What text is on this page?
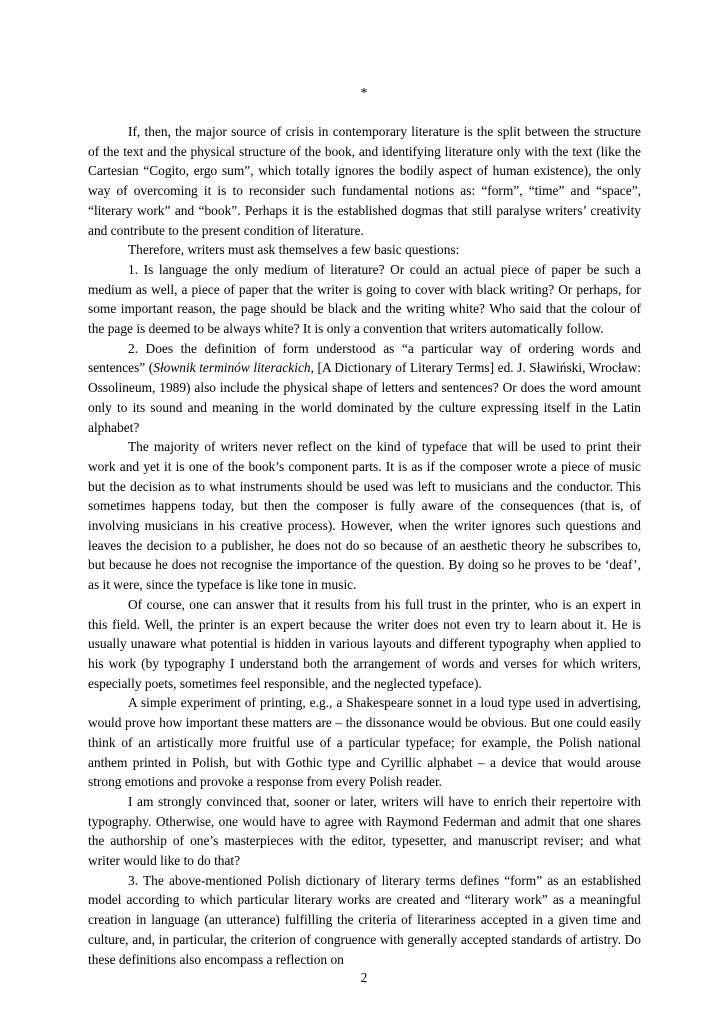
*

If, then, the major source of crisis in contemporary literature is the split between the structure of the text and the physical structure of the book, and identifying literature only with the text (like the Cartesian “Cogito, ergo sum”, which totally ignores the bodily aspect of human existence), the only way of overcoming it is to reconsider such fundamental notions as: “form”, “time” and “space”, “literary work” and “book”. Perhaps it is the established dogmas that still paralyse writers’ creativity and contribute to the present condition of literature.

Therefore, writers must ask themselves a few basic questions:

1. Is language the only medium of literature? Or could an actual piece of paper be such a medium as well, a piece of paper that the writer is going to cover with black writing? Or perhaps, for some important reason, the page should be black and the writing white? Who said that the colour of the page is deemed to be always white? It is only a convention that writers automatically follow.

2. Does the definition of form understood as “a particular way of ordering words and sentences” (Słownik terminów literackich, [A Dictionary of Literary Terms] ed. J. Sławiński, Wrocław: Ossolineum, 1989) also include the physical shape of letters and sentences? Or does the word amount only to its sound and meaning in the world dominated by the culture expressing itself in the Latin alphabet?

The majority of writers never reflect on the kind of typeface that will be used to print their work and yet it is one of the book’s component parts. It is as if the composer wrote a piece of music but the decision as to what instruments should be used was left to musicians and the conductor. This sometimes happens today, but then the composer is fully aware of the consequences (that is, of involving musicians in his creative process). However, when the writer ignores such questions and leaves the decision to a publisher, he does not do so because of an aesthetic theory he subscribes to, but because he does not recognise the importance of the question. By doing so he proves to be ‘deaf’, as it were, since the typeface is like tone in music.

Of course, one can answer that it results from his full trust in the printer, who is an expert in this field. Well, the printer is an expert because the writer does not even try to learn about it. He is usually unaware what potential is hidden in various layouts and different typography when applied to his work (by typography I understand both the arrangement of words and verses for which writers, especially poets, sometimes feel responsible, and the neglected typeface).

A simple experiment of printing, e.g., a Shakespeare sonnet in a loud type used in advertising, would prove how important these matters are – the dissonance would be obvious. But one could easily think of an artistically more fruitful use of a particular typeface; for example, the Polish national anthem printed in Polish, but with Gothic type and Cyrillic alphabet – a device that would arouse strong emotions and provoke a response from every Polish reader.

I am strongly convinced that, sooner or later, writers will have to enrich their repertoire with typography. Otherwise, one would have to agree with Raymond Federman and admit that one shares the authorship of one’s masterpieces with the editor, typesetter, and manuscript reviser; and what writer would like to do that?

3. The above-mentioned Polish dictionary of literary terms defines “form” as an established model according to which particular literary works are created and “literary work” as a meaningful creation in language (an utterance) fulfilling the criteria of literariness accepted in a given time and culture, and, in particular, the criterion of congruence with generally accepted standards of artistry. Do these definitions also encompass a reflection on

2
